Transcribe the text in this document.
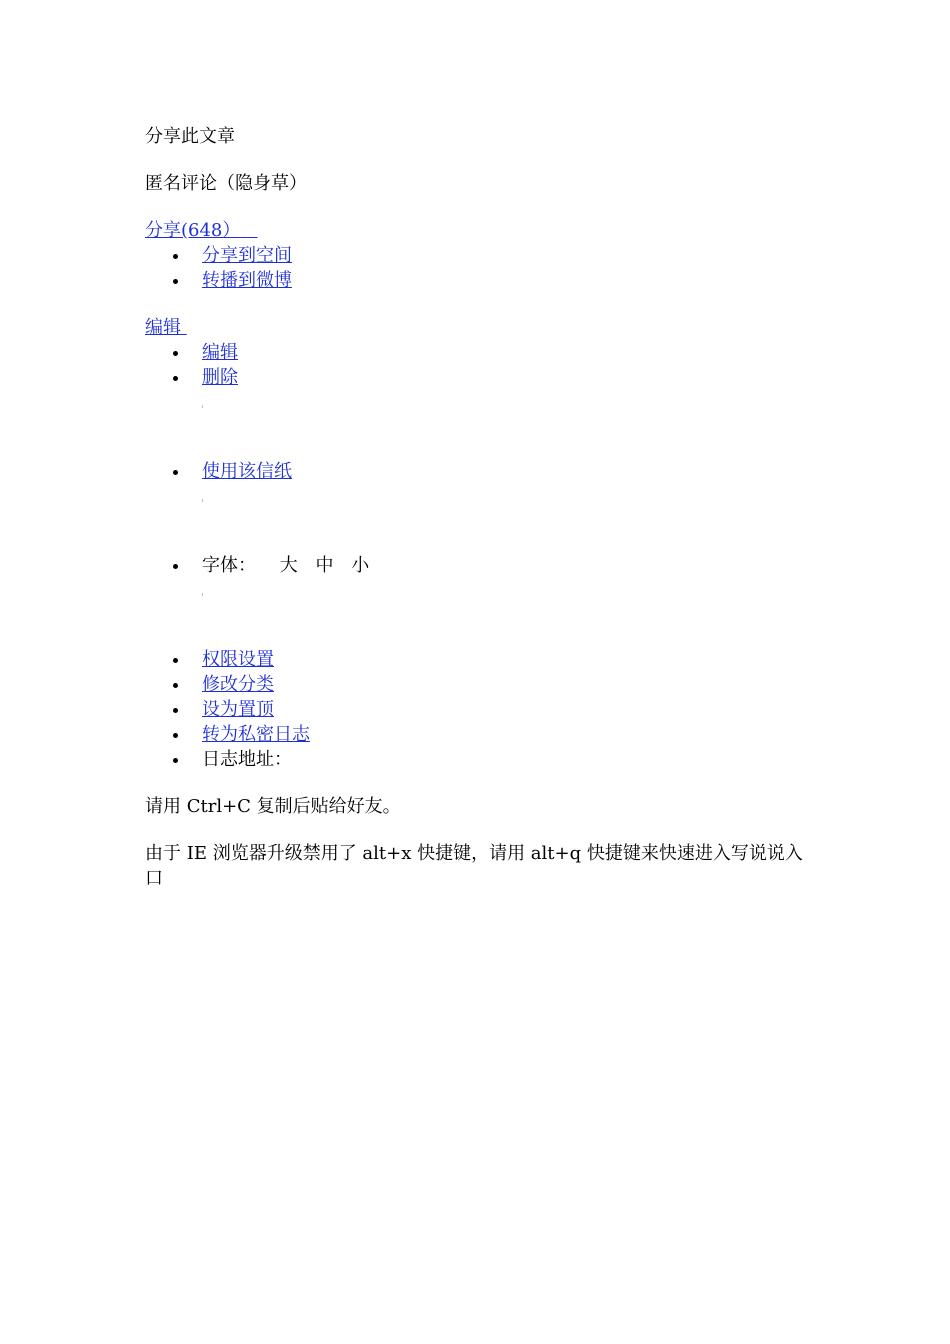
分享此文章

匿名评论（隐身草）

分享(648）

分享到空间
转播到微博

编辑

编辑
删除
使用该信纸
字体： 大 中 小
权限设置
修改分类
设为置顶
转为私密日志
日志地址：

请用 Ctrl+C 复制后贴给好友。

由于 IE 浏览器升级禁用了 alt+x 快捷键，请用 alt+q 快捷键来快速进入写说说入口
